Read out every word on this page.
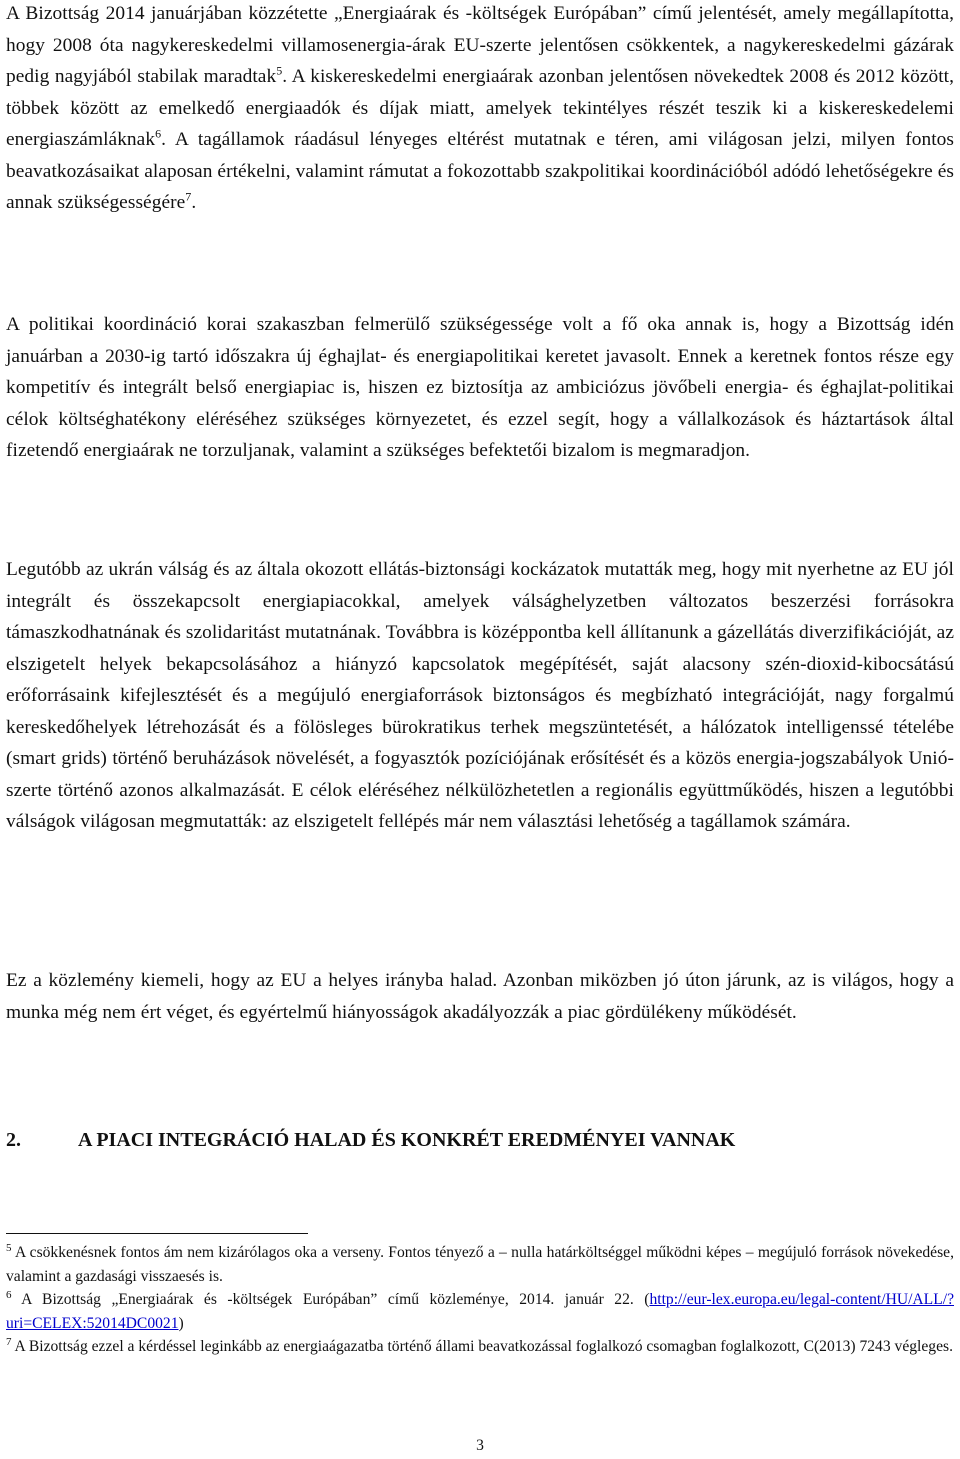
A Bizottság 2014 januárjában közzétette „Energiaárak és -költségek Európában” című jelentését, amely megállapította, hogy 2008 óta nagykereskedelmi villamosenergia-árak EU-szerte jelentősen csökkentek, a nagykereskedelmi gázárak pedig nagyjából stabilak maradtak$^5$. A kiskereskedelmi energiaárak azonban jelentősen növekedtek 2008 és 2012 között, többek között az emelkedő energiaadók és díjak miatt, amelyek tekintélyes részét teszik ki a kiskereskedelemi energiaszámláknak$^6$. A tagállamok ráadásul lényeges eltérést mutatnak e téren, ami világosan jelzi, milyen fontos beavatkozásaikat alaposan értékelni, valamint rámutat a fokozottabb szakpolitikai koordinációból adódó lehetőségekre és annak szükségességére$^7$.

A politikai koordináció korai szakaszban felmerülő szükségessége volt a fő oka annak is, hogy a Bizottság idén januárban a 2030-ig tartó időszakra új éghajlat- és energiapolitikai keretet javasolt. Ennek a keretnek fontos része egy kompetitív és integrált belső energiapiac is, hiszen ez biztosítja az ambiciózus jövőbeli energia- és éghajlat-politikai célok költséghatékony eléréséhez szükséges környezetet, és ezzel segít, hogy a vállalkozások és háztartások által fizetendő energiaárak ne torzuljanak, valamint a szükséges befektetői bizalom is megmaradjon.

Legutóbb az ukrán válság és az általa okozott ellátás-biztonsági kockázatok mutatták meg, hogy mit nyerhetne az EU jól integrált és összekapcsolt energiapiacokkal, amelyek válsághelyzetben változatos beszerzési forrásokra támaszkodhatnának és szolidaritást mutatnának. Továbbra is középpontba kell állítanunk a gázellátás diverzifikációját, az elszigetelt helyek bekapcsolásához a hiányzó kapcsolatok megépítését, saját alacsony szén-dioxid-kibocsátású erőforrásaink kifejlesztését és a megújuló energiaforrások biztonságos és megbízható integrációját, nagy forgalmú kereskedőhelyek létrehozását és a fölösleges bürokratikus terhek megszüntetését, a hálózatok intelligenssé tételébe (smart grids) történő beruházások növelését, a fogyasztók pozíciójának erősítését és a közös energia-jogszabályok Unió-szerte történő azonos alkalmazását. E célok eléréséhez nélkülözhetetlen a regionális együttműködés, hiszen a legutóbbi válságok világosan megmutatták: az elszigetelt fellépés már nem választási lehetőség a tagállamok számára.

Ez a közlemény kiemeli, hogy az EU a helyes irányba halad. Azonban miközben jó úton járunk, az is világos, hogy a munka még nem ért véget, és egyértelmű hiányosságok akadályozzák a piac gördülékeny működését.

2.	A PIACI INTEGRÁCIÓ HALAD ÉS KONKRÉT EREDMÉNYEI VANNAK

$^5$ A csökkenésnek fontos ám nem kizárólagos oka a verseny. Fontos tényező a – nulla határköltséggel működni képes – megújuló források növekedése, valamint a gazdasági visszaesés is.

$^6$ A Bizottság „Energiaárak és -költségek Európában” című közleménye, 2014. január 22. (http://eur-lex.europa.eu/legal-content/HU/ALL/?uri=CELEX:52014DC0021)

$^7$ A Bizottság ezzel a kérdéssel leginkább az energiaágazatba történő állami beavatkozással foglalkozó csomagban foglalkozott, C(2013) 7243 végleges.

3
